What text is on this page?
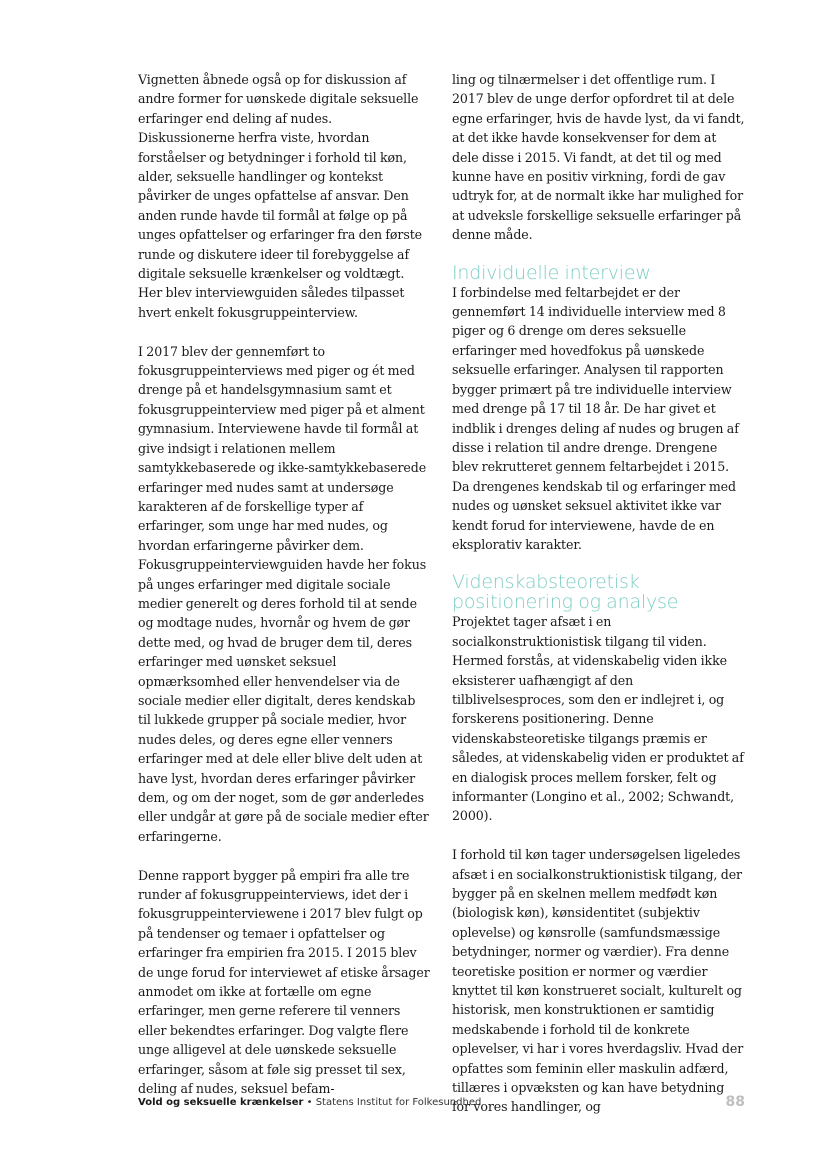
Vignetten åbnede også op for diskussion af andre former for uønskede digitale seksuelle erfaringer end deling af nudes. Diskussionerne herfra viste, hvordan forståelser og betydninger i forhold til køn, alder, seksuelle handlinger og kontekst påvirker de unges opfattelse af ansvar. Den anden runde havde til formål at følge op på unges opfattelser og erfaringer fra den første runde og diskutere ideer til forebyggelse af digitale seksuelle krænkelser og voldtægt. Her blev interviewguiden således tilpasset hvert enkelt fokusgruppeinterview.

I 2017 blev der gennemført to fokusgruppeinterviews med piger og ét med drenge på et handelsgymnasium samt et fokusgruppeinterview med piger på et alment gymnasium. Interviewene havde til formål at give indsigt i relationen mellem samtykkebaserede og ikke-samtykkebaserede erfaringer med nudes samt at undersøge karakteren af de forskellige typer af erfaringer, som unge har med nudes, og hvordan erfaringerne påvirker dem. Fokusgruppeinterviewguiden havde her fokus på unges erfaringer med digitale sociale medier generelt og deres forhold til at sende og modtage nudes, hvornår og hvem de gør dette med, og hvad de bruger dem til, deres erfaringer med uønsket seksuel opmærksomhed eller henvendelser via de sociale medier eller digitalt, deres kendskab til lukkede grupper på sociale medier, hvor nudes deles, og deres egne eller venners erfaringer med at dele eller blive delt uden at have lyst, hvordan deres erfaringer påvirker dem, og om der noget, som de gør anderledes eller undgår at gøre på de sociale medier efter erfaringerne.

Denne rapport bygger på empiri fra alle tre runder af fokusgruppeinterviews, idet der i fokusgruppeinterviewene i 2017 blev fulgt op på tendenser og temaer i opfattelser og erfaringer fra empirien fra 2015. I 2015 blev de unge forud for interviewet af etiske årsager anmodet om ikke at fortælle om egne erfaringer, men gerne referere til venners eller bekendtes erfaringer. Dog valgte flere unge alligevel at dele uønskede seksuelle erfaringer, såsom at føle sig presset til sex, deling af nudes, seksuel befam-

ling og tilnærmelser i det offentlige rum. I 2017 blev de unge derfor opfordret til at dele egne erfaringer, hvis de havde lyst, da vi fandt, at det ikke havde konsekvenser for dem at dele disse i 2015. Vi fandt, at det til og med kunne have en positiv virkning, fordi de gav udtryk for, at de normalt ikke har mulighed for at udveksle forskellige seksuelle erfaringer på denne måde.

Individuelle interview

I forbindelse med feltarbejdet er der gennemført 14 individuelle interview med 8 piger og 6 drenge om deres seksuelle erfaringer med hovedfokus på uønskede seksuelle erfaringer. Analysen til rapporten bygger primært på tre individuelle interview med drenge på 17 til 18 år. De har givet et indblik i drenges deling af nudes og brugen af disse i relation til andre drenge. Drengene blev rekrutteret gennem feltarbejdet i 2015. Da drengenes kendskab til og erfaringer med nudes og uønsket seksuel aktivitet ikke var kendt forud for interviewene, havde de en eksplorativ karakter.

Videnskabsteoretisk positionering og analyse

Projektet tager afsæt i en socialkonstruktionistisk tilgang til viden. Hermed forstås, at videnskabelig viden ikke eksisterer uafhængigt af den tilblivelsesproces, som den er indlejret i, og forskerens positionering. Denne videnskabsteoretiske tilgangs præmis er således, at videnskabelig viden er produktet af en dialogisk proces mellem forsker, felt og informanter (Longino et al., 2002; Schwandt, 2000).

I forhold til køn tager undersøgelsen ligeledes afsæt i en socialkonstruktionistisk tilgang, der bygger på en skelnen mellem medfødt køn (biologisk køn), kønsidentitet (subjektiv oplevelse) og kønsrolle (samfundsmæssige betydninger, normer og værdier). Fra denne teoretiske position er normer og værdier knyttet til køn konstrueret socialt, kulturelt og historisk, men konstruktionen er samtidig medskabende i forhold til de konkrete oplevelser, vi har i vores hverdagsliv. Hvad der opfattes som feminin eller maskulin adfærd, tillæres i opvæksten og kan have betydning for vores handlinger, og

Vold og seksuelle krænkelser • Statens Institut for Folkesundhed	88
